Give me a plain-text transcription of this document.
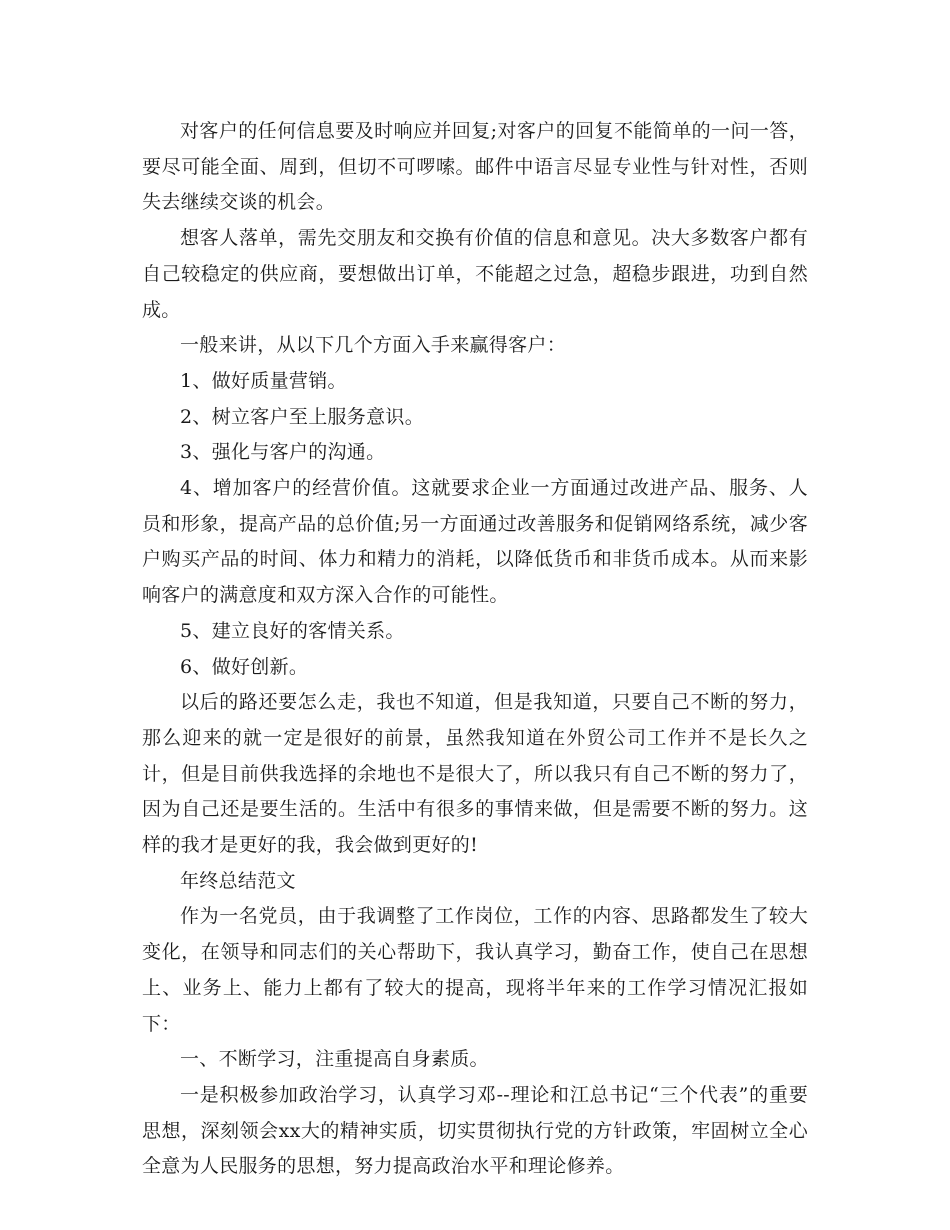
对客户的任何信息要及时响应并回复;对客户的回复不能简单的一问一答，要尽可能全面、周到，但切不可啰嗦。邮件中语言尽显专业性与针对性，否则失去继续交谈的机会。

想客人落单，需先交朋友和交换有价值的信息和意见。决大多数客户都有自己较稳定的供应商，要想做出订单，不能超之过急，超稳步跟进，功到自然成。

一般来讲，从以下几个方面入手来赢得客户：

1、做好质量营销。

2、树立客户至上服务意识。

3、强化与客户的沟通。

4、增加客户的经营价值。这就要求企业一方面通过改进产品、服务、人员和形象，提高产品的总价值;另一方面通过改善服务和促销网络系统，减少客户购买产品的时间、体力和精力的消耗，以降低货币和非货币成本。从而来影响客户的满意度和双方深入合作的可能性。

5、建立良好的客情关系。

6、做好创新。

以后的路还要怎么走，我也不知道，但是我知道，只要自己不断的努力，那么迎来的就一定是很好的前景，虽然我知道在外贸公司工作并不是长久之计，但是目前供我选择的余地也不是很大了，所以我只有自己不断的努力了，因为自己还是要生活的。生活中有很多的事情来做，但是需要不断的努力。这样的我才是更好的我，我会做到更好的!

年终总结范文

作为一名党员，由于我调整了工作岗位，工作的内容、思路都发生了较大变化，在领导和同志们的关心帮助下，我认真学习，勤奋工作，使自己在思想上、业务上、能力上都有了较大的提高，现将半年来的工作学习情况汇报如下：

一、不断学习，注重提高自身素质。

一是积极参加政治学习，认真学习邓--理论和江总书记“三个代表”的重要思想，深刻领会xx大的精神实质，切实贯彻执行党的方针政策，牢固树立全心全意为人民服务的思想，努力提高政治水平和理论修养。
